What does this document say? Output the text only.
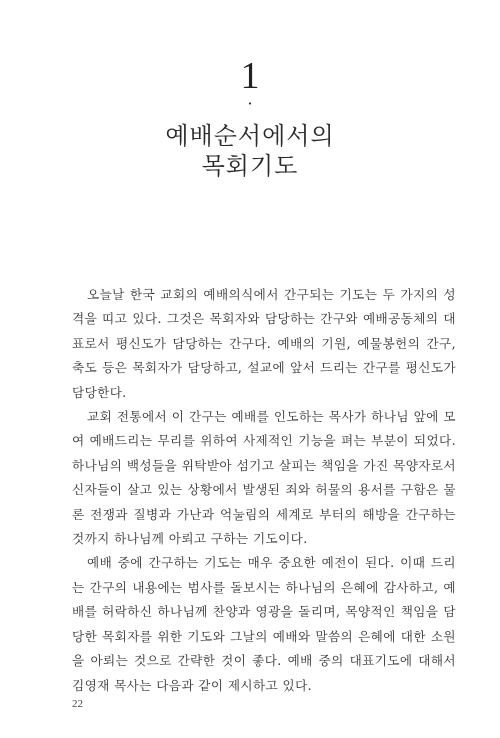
1
·
예배순서에서의
목회기도

오늘날 한국 교회의 예배의식에서 간구되는 기도는 두 가지의 성격을 띠고 있다. 그것은 목회자와 담당하는 간구와 예배공동체의 대표로서 평신도가 담당하는 간구다. 예배의 기원, 예물봉헌의 간구, 축도 등은 목회자가 담당하고, 설교에 앞서 드리는 간구를 평신도가 담당한다.

교회 전통에서 이 간구는 예배를 인도하는 목사가 하나님 앞에 모여 예배드리는 무리를 위하여 사제적인 기능을 펴는 부분이 되었다. 하나님의 백성들을 위탁받아 섬기고 살피는 책임을 가진 목양자로서 신자들이 살고 있는 상황에서 발생된 죄와 허물의 용서를 구함은 물론 전쟁과 질병과 가난과 억눌림의 세계로 부터의 해방을 간구하는 것까지 하나님께 아뢰고 구하는 기도이다.

예배 중에 간구하는 기도는 매우 중요한 예전이 된다. 이때 드리는 간구의 내용에는 범사를 돌보시는 하나님의 은혜에 감사하고, 예배를 허락하신 하나님께 찬양과 영광을 돌리며, 목양적인 책임을 담당한 목회자를 위한 기도와 그날의 예배와 말씀의 은혜에 대한 소원을 아뢰는 것으로 간략한 것이 좋다. 예배 중의 대표기도에 대해서 김영재 목사는 다음과 같이 제시하고 있다.

22
